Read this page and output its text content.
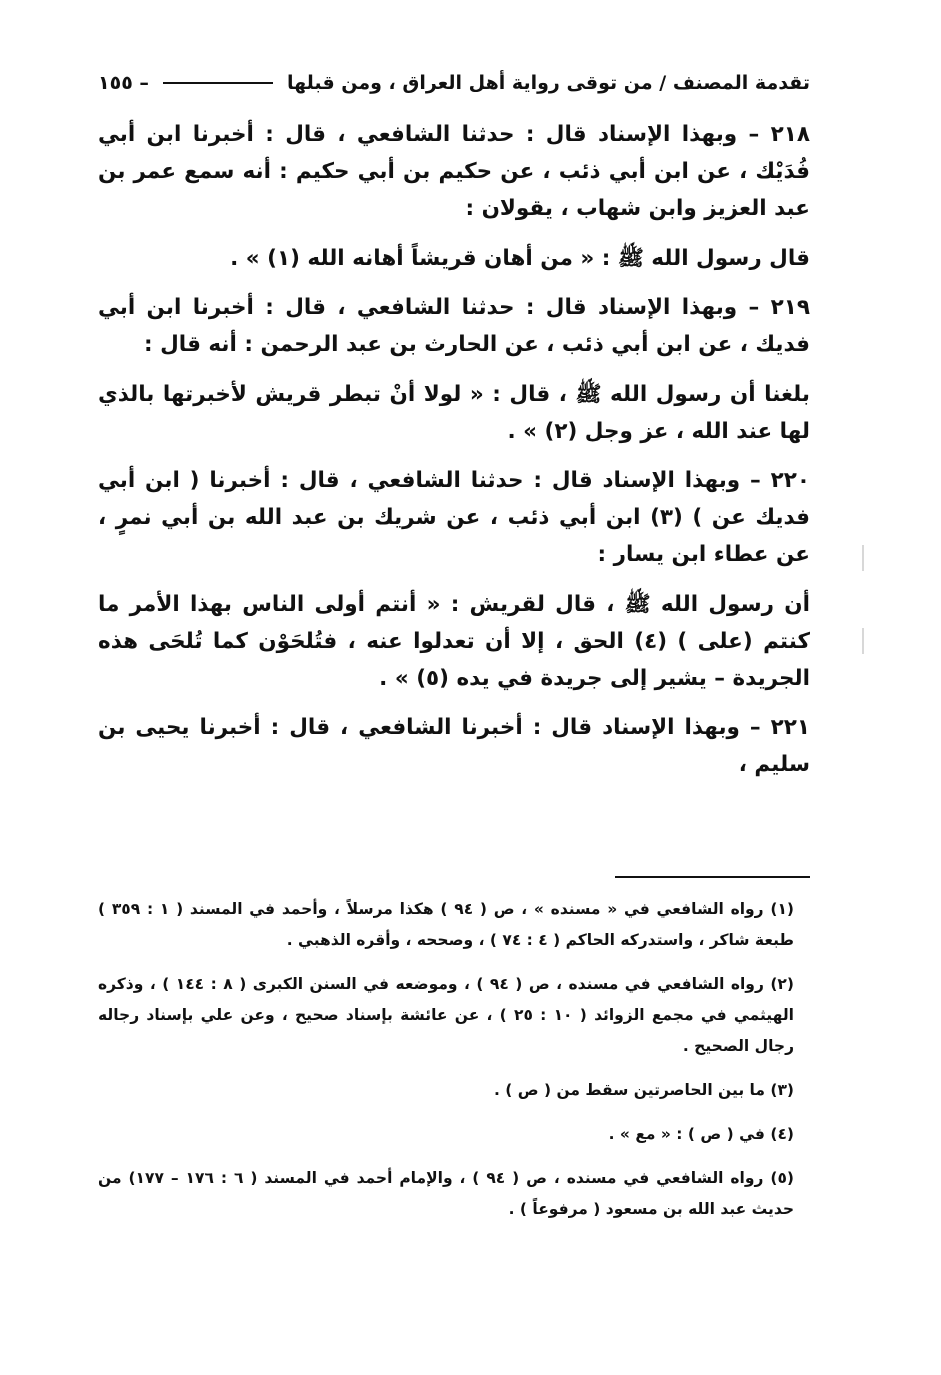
تقدمة المصنف / من توقى رواية أهل العراق ، ومن قبلها
– ١٥٥

٢١٨ – وبهذا الإسناد قال : حدثنا الشافعي ، قال : أخبرنا ابن أبي فُدَيْك ، عن ابن أبي ذئب ، عن حكيم بن أبي حكيم : أنه سمع عمر بن عبد العزيز وابن شهاب ، يقولان :

قال رسول الله ﷺ : « من أهان قريشاً أهانه الله (١) » .

٢١٩ – وبهذا الإسناد قال : حدثنا الشافعي ، قال : أخبرنا ابن أبي فديك ، عن ابن أبي ذئب ، عن الحارث بن عبد الرحمن : أنه قال :

بلغنا أن رسول الله ﷺ ، قال : « لولا أنْ تبطر قريش لأخبرتها بالذي لها عند الله ، عز وجل (٢) » .

٢٢٠ – وبهذا الإسناد قال : حدثنا الشافعي ، قال : أخبرنا ( ابن أبي فديك عن ) (٣) ابن أبي ذئب ، عن شريك بن عبد الله بن أبي نمرٍ ، عن عطاء ابن يسار :

أن رسول الله ﷺ ، قال لقريش : « أنتم أولى الناس بهذا الأمر ما كنتم (على ) (٤) الحق ، إلا أن تعدلوا عنه ، فتُلحَوْن كما تُلحَى هذه الجريدة – يشير إلى جريدة في يده (٥) » .

٢٢١ – وبهذا الإسناد قال : أخبرنا الشافعي ، قال : أخبرنا يحيى بن سليم ،

(١) رواه الشافعي في « مسنده » ، ص ( ٩٤ ) هكذا مرسلاً ، وأحمد في المسند ( ١ : ٣٥٩ ) طبعة شاكر ، واستدركه الحاكم ( ٤ : ٧٤ ) ، وصححه ، وأقره الذهبي .

(٢) رواه الشافعي في مسنده ، ص ( ٩٤ ) ، وموضعه في السنن الكبرى ( ٨ : ١٤٤ ) ، وذكره الهيثمي في مجمع الزوائد ( ١٠ : ٢٥ ) ، عن عائشة بإسناد صحيح ، وعن علي بإسناد رجاله رجال الصحيح .

(٣) ما بين الحاصرتين سقط من ( ص ) .

(٤) في ( ص ) : « مع » .

(٥) رواه الشافعي في مسنده ، ص ( ٩٤ ) ، والإمام أحمد في المسند ( ٦ : ١٧٦ – ١٧٧) من حديث عبد الله بن مسعود ( مرفوعاً ) .
